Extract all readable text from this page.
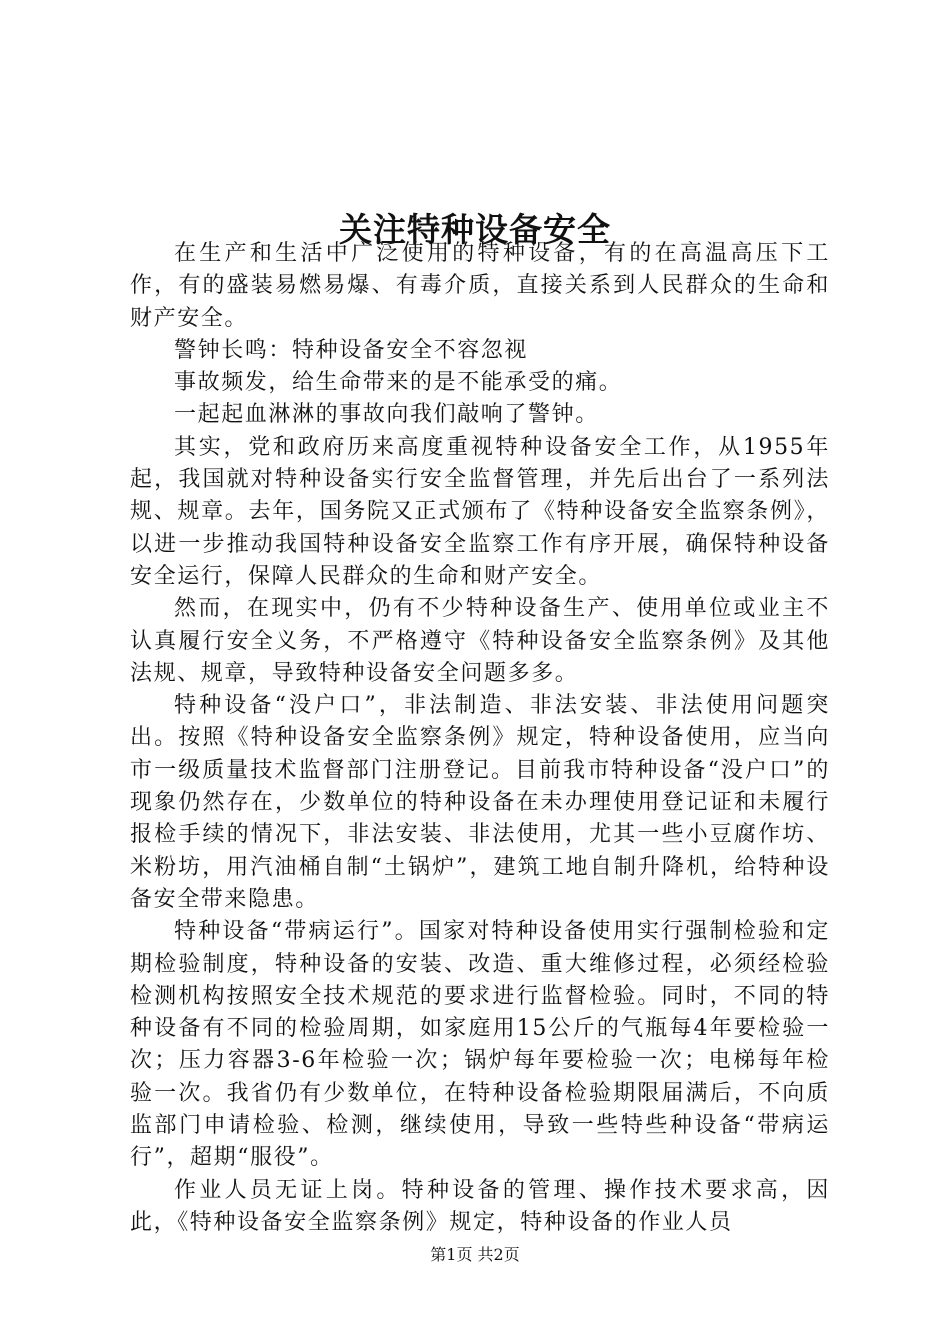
关注特种设备安全

在生产和生活中广泛使用的特种设备，有的在高温高压下工作，有的盛装易燃易爆、有毒介质，直接关系到人民群众的生命和财产安全。

警钟长鸣：特种设备安全不容忽视

事故频发，给生命带来的是不能承受的痛。

一起起血淋淋的事故向我们敲响了警钟。

其实，党和政府历来高度重视特种设备安全工作，从1955年起，我国就对特种设备实行安全监督管理，并先后出台了一系列法规、规章。去年，国务院又正式颁布了《特种设备安全监察条例》，以进一步推动我国特种设备安全监察工作有序开展，确保特种设备安全运行，保障人民群众的生命和财产安全。

然而，在现实中，仍有不少特种设备生产、使用单位或业主不认真履行安全义务，不严格遵守《特种设备安全监察条例》及其他法规、规章，导致特种设备安全问题多多。

特种设备“没户口”，非法制造、非法安装、非法使用问题突出。按照《特种设备安全监察条例》规定，特种设备使用，应当向市一级质量技术监督部门注册登记。目前我市特种设备“没户口”的现象仍然存在，少数单位的特种设备在未办理使用登记证和未履行报检手续的情况下，非法安装、非法使用，尤其一些小豆腐作坊、米粉坊，用汽油桶自制“土锅炉”，建筑工地自制升降机，给特种设备安全带来隐患。

特种设备“带病运行”。国家对特种设备使用实行强制检验和定期检验制度，特种设备的安装、改造、重大维修过程，必须经检验检测机构按照安全技术规范的要求进行监督检验。同时，不同的特种设备有不同的检验周期，如家庭用15公斤的气瓶每4年要检验一次；压力容器3-6年检验一次；锅炉每年要检验一次；电梯每年检验一次。我省仍有少数单位，在特种设备检验期限届满后，不向质监部门申请检验、检测，继续使用，导致一些特些种设备“带病运行”，超期“服役”。

作业人员无证上岗。特种设备的管理、操作技术要求高，因此，《特种设备安全监察条例》规定，特种设备的作业人员

第1页 共2页
